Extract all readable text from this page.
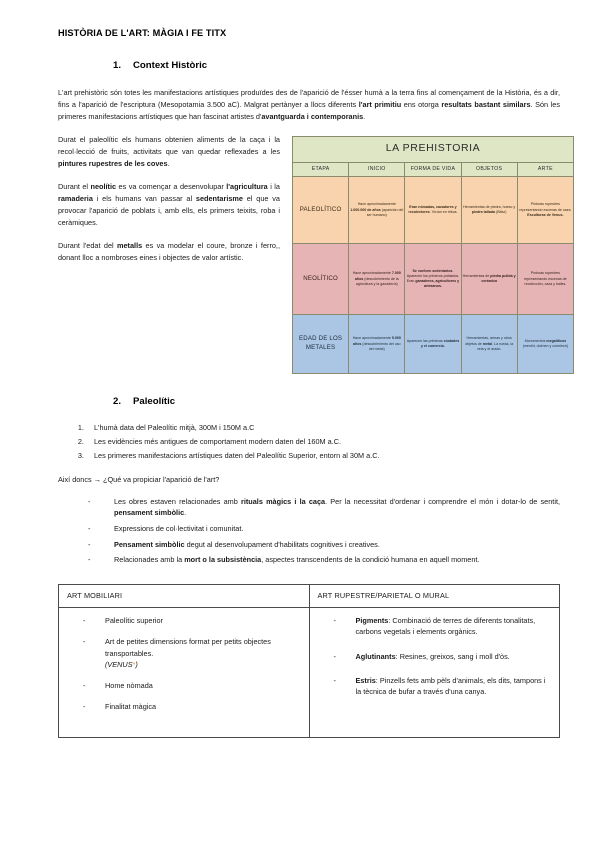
HISTÒRIA DE L'ART: MÀGIA I FE TITX
1. Context Històric

L'art prehistòric són totes les manifestacions artístiques produïdes des de l'aparició de l'ésser humà a la terra fins al començament de la Història, és a dir, fins a l'aparició de l'escriptura (Mesopotamia 3.500 aC). Malgrat pertànyer a llocs diferents l'art primitiu ens otorga resultats bastant similars. Són les primeres manifestacions artístiques que han fascinat artistes d'avantguarda i contemporanis.

Durat el paleolític els humans obtenien aliments de la caça i la recol·lecció de fruits, activitats que van quedar reflexades a les pintures rupestres de les coves.

Durant el neolític es va començar a desenvolupar l'agricultura i la ramaderia i els humans van passar al sedentarisme el que va provocar l'aparició de poblats i, amb ells, els primers teixits, roba i ceràmiques.

Durant l'edat del metalls es va modelar el coure, bronze i ferro,, donant lloc a nombroses eines i objectes de valor artístic.

LA PREHISTORIA				
ETAPA	INICIO	FORMA DE VIDA	OBJETOS	ARTE
PALEOLÍTICO	Hace aproximadamente 1.000.000 de años (aparición del ser humano)	Eran nómadas, cazadores y recolectores. Vivían en tribus.	Herramientas de piedra, hueso y piedra tallada (Bifaz)	Pinturas rupestres representando escenas de caza. Esculturas de Venus.
NEOLÍTICO	Hace aproximadamente 7.000 años (descubrimiento de la agricultura y la ganadería)	Se vuelven sedentarios. Aparecen los primeros poblados. Eran ganaderos, agricultores y artesanos.	Herramientas de piedra pulida y cerámica	Pinturas rupestres representando escenas de recolección, caza y bailes.
EDAD DE LOS METALES	Hace aproximadamente 5.000 años (descubrimiento del uso del metal)	Aparecen las primeras ciudades y el comercio.	Herramientas, armas y otros objetos de metal. La rueda, la vela y el arado.	Monumentos megalíticos (menhir, dolmen y crómlech)
2. Paleolític
1. L'humà data del Paleolític mitjà, 300M i 150M a.C
2. Les evidències més antigues de comportament modern daten del 160M a.C.
3. Les primeres manifestacions artístiques daten del Paleolític Superior, entorn al 30M a.C.
Així doncs → ¿Qué va propiciar l'aparició de l'art?
- Les obres estaven relacionades amb rituals màgics i la caça. Per la necessitat d'ordenar i comprendre el món i dotar-lo de sentit, pensament simbòlic.
- Expressions de col·lectivitat i comunitat.
- Pensament simbòlic degut al desenvolupament d'habilitats cognitives i creatives.
- Relacionades amb la mort o la subsistència, aspectes transcendents de la condició humana en aquell moment.
ART MOBILIARI	ART RUPESTRE/PARIETAL O MURAL

- Paleolític superior
- Art de petites dimensions format per petits objectes transportables.
(VENUS*)
- Home nòmada
- Finalitat màgica

- Pigments: Combinació de terres de diferents tonalitats, carbons vegetals i elements orgànics.
- Aglutinants: Resines, greixos, sang i moll d'òs.
- Estris: Pinzells fets amb pèls d'animals, els dits, tampons i la tècnica de bufar a través d'una canya.
